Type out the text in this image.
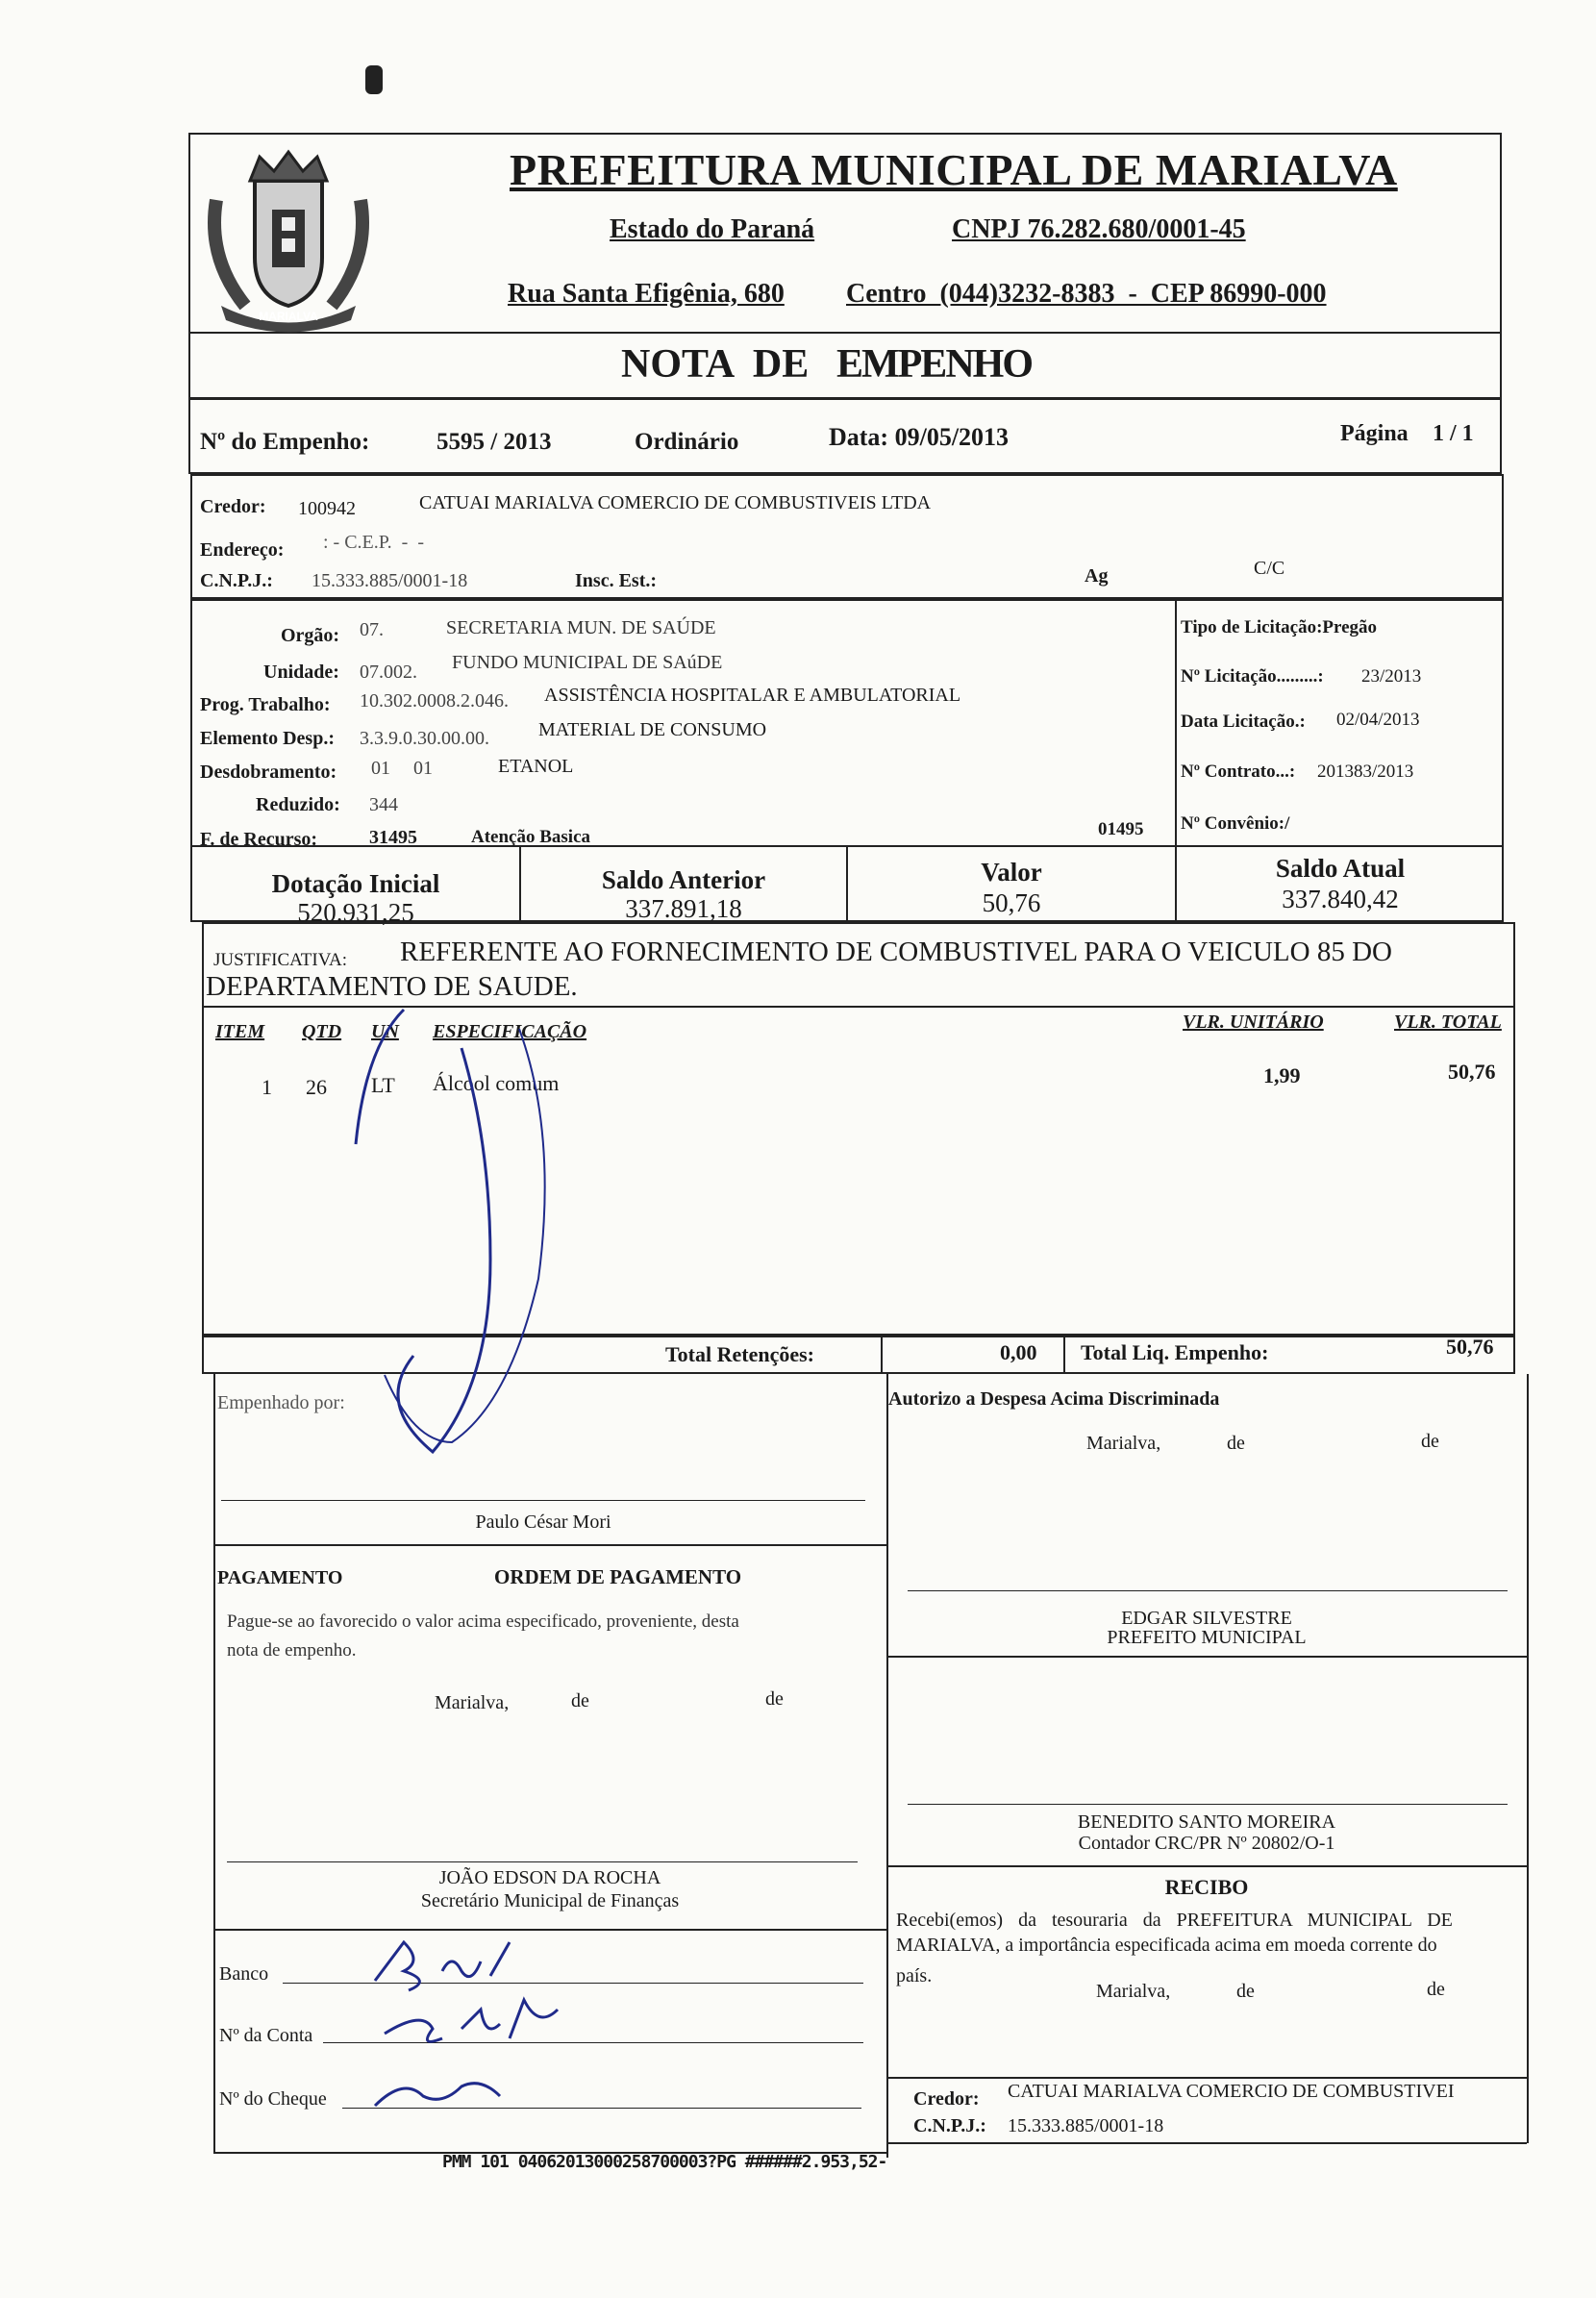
MARIALVA
PREFEITURA MUNICIPAL DE MARIALVA
Estado do Paraná	CNPJ 76.282.680/0001-45
Rua Santa Efigênia, 680 Centro  (044)3232-8383  -  CEP 86990-000
NOTA  DE EMPENHO
Nº do Empenho:	5595 / 2013	Ordinário	Data: 09/05/2013	Página 1 / 1
Credor: 100942	CATUAI MARIALVA COMERCIO DE COMBUSTIVEIS LTDA
Endereço: : - C.E.P.  -  -
C.N.P.J.: 15.333.885/0001-18	Insc. Est.:	Ag	C/C
Orgão: 07.	SECRETARIA MUN. DE SAÚDE
Unidade: 07.002. FUNDO MUNICIPAL DE SAúDE
Prog. Trabalho: 10.302.0008.2.046. ASSISTÊNCIA HOSPITALAR E AMBULATORIAL
Elemento Desp.: 3.3.9.0.30.00.00.	MATERIAL DE CONSUMO
Desdobramento: 01 01	ETANOL
Reduzido: 344
F. de Recurso:	31495	Atenção Basica	01495
Tipo de Licitação:Pregão
Nº Licitação.........: 23/2013
Data Licitação.: 02/04/2013
Nº Contrato...: 201383/2013
Nº Convênio:/
Dotação Inicial
520.931,25
Saldo Anterior
337.891,18
Valor
50,76
Saldo Atual
337.840,42
JUSTIFICATIVA: REFERENTE AO FORNECIMENTO DE COMBUSTIVEL PARA O VEICULO 85 DO
DEPARTAMENTO DE SAUDE.
ITEM QTD UN ESPECIFICAÇÃO	VLR. UNITÁRIO	VLR. TOTAL
1 26 LT Álcool comum	1,99	50,76
Total Retenções:	0,00 Total Liq. Empenho:	50,76
Empenhado por:
Paulo César Mori
Autorizo a Despesa Acima Discriminada
Marialva,	de	de
EDGAR SILVESTRE
PREFEITO MUNICIPAL
PAGAMENTO	ORDEM DE PAGAMENTO
Pague-se ao favorecido o valor acima especificado, proveniente, desta
nota de empenho.
Marialva,	de	de
BENEDITO SANTO MOREIRA
Contador CRC/PR Nº 20802/O-1
JOÃO EDSON DA ROCHA
Secretário Municipal de Finanças
RECIBO
Recebi(emos) da tesouraria da PREFEITURA MUNICIPAL DE
MARIALVA, a importância especificada acima em moeda corrente do
país.
Marialva,	de	de
Credor: CATUAI MARIALVA COMERCIO DE COMBUSTIVEI
C.N.P.J.: 15.333.885/0001-18
Banco
Nº da Conta
Nº do Cheque
PMM 101 04062013000258700003?PG ######2.953,52-
